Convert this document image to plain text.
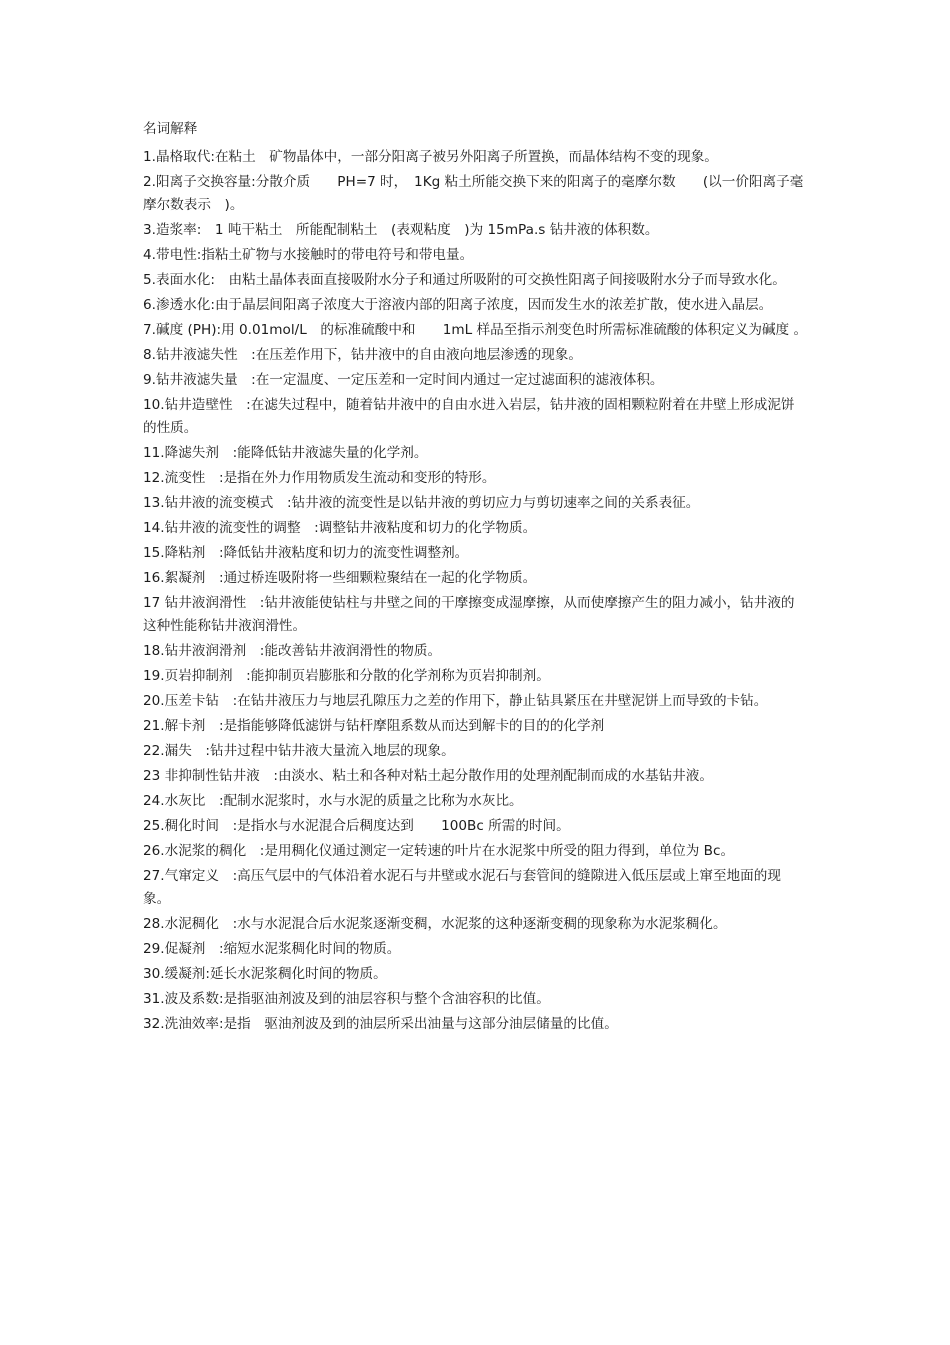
名词解释
1.晶格取代:在粘土　矿物晶体中，一部分阳离子被另外阳离子所置换，而晶体结构不变的现象。
2.阳离子交换容量:分散介质　　PH=7 时，　1Kg 粘土所能交换下来的阳离子的毫摩尔数　　(以一价阳离子毫摩尔数表示　)。
3.造浆率:　1 吨干粘土　所能配制粘土　(表观粘度　)为 15mPa.s 钻井液的体积数。
4.带电性:指粘土矿物与水接触时的带电符号和带电量。
5.表面水化:　由粘土晶体表面直接吸附水分子和通过所吸附的可交换性阳离子间接吸附水分子而导致水化。
6.渗透水化:由于晶层间阳离子浓度大于溶液内部的阳离子浓度，因而发生水的浓差扩散，使水进入晶层。
7.碱度 (PH):用 0.01mol/L　的标准硫酸中和　　1mL 样品至指示剂变色时所需标准硫酸的体积定义为碱度 。
8.钻井液滤失性　:在压差作用下，钻井液中的自由液向地层渗透的现象。
9.钻井液滤失量　:在一定温度、一定压差和一定时间内通过一定过滤面积的滤液体积。
10.钻井造壁性　:在滤失过程中，随着钻井液中的自由水进入岩层，钻井液的固相颗粒附着在井壁上形成泥饼的性质。
11.降滤失剂　:能降低钻井液滤失量的化学剂。
12.流变性　:是指在外力作用物质发生流动和变形的特形。
13.钻井液的流变模式　:钻井液的流变性是以钻井液的剪切应力与剪切速率之间的关系表征。
14.钻井液的流变性的调整　:调整钻井液粘度和切力的化学物质。
15.降粘剂　:降低钻井液粘度和切力的流变性调整剂。
16.絮凝剂　:通过桥连吸附将一些细颗粒聚结在一起的化学物质。
17 钻井液润滑性　:钻井液能使钻柱与井壁之间的干摩擦变成湿摩擦，从而使摩擦产生的阻力减小，钻井液的这种性能称钻井液润滑性。
18.钻井液润滑剂　:能改善钻井液润滑性的物质。
19.页岩抑制剂　:能抑制页岩膨胀和分散的化学剂称为页岩抑制剂。
20.压差卡钻　:在钻井液压力与地层孔隙压力之差的作用下，静止钻具紧压在井壁泥饼上而导致的卡钻。
21.解卡剂　:是指能够降低滤饼与钻杆摩阻系数从而达到解卡的目的的化学剂
22.漏失　:钻井过程中钻井液大量流入地层的现象。
23 非抑制性钻井液　:由淡水、粘土和各种对粘土起分散作用的处理剂配制而成的水基钻井液。
24.水灰比　:配制水泥浆时，水与水泥的质量之比称为水灰比。
25.稠化时间　:是指水与水泥混合后稠度达到　　100Bc 所需的时间。
26.水泥浆的稠化　:是用稠化仪通过测定一定转速的叶片在水泥浆中所受的阻力得到，单位为 Bc。
27.气窜定义　:高压气层中的气体沿着水泥石与井壁或水泥石与套管间的缝隙进入低压层或上窜至地面的现象。
28.水泥稠化　:水与水泥混合后水泥浆逐渐变稠，水泥浆的这种逐渐变稠的现象称为水泥浆稠化。
29.促凝剂　:缩短水泥浆稠化时间的物质。
30.缓凝剂:延长水泥浆稠化时间的物质。
31.波及系数:是指驱油剂波及到的油层容积与整个含油容积的比值。
32.洗油效率:是指　驱油剂波及到的油层所采出油量与这部分油层储量的比值。
